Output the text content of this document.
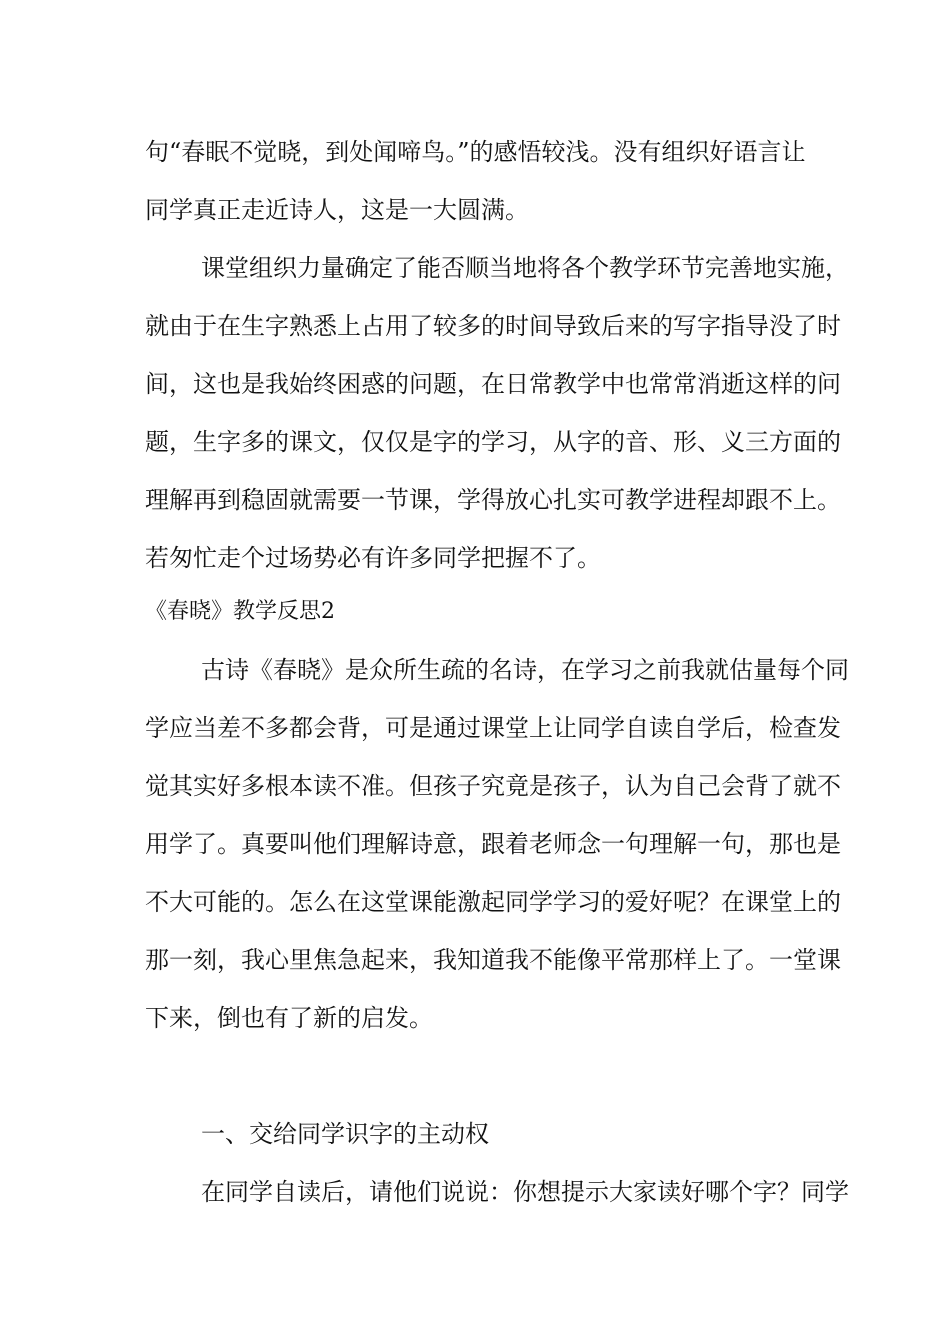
句“春眠不觉晓，到处闻啼鸟。”的感悟较浅。没有组织好语言让
同学真正走近诗人，这是一大圆满。
课堂组织力量确定了能否顺当地将各个教学环节完善地实施，
就由于在生字熟悉上占用了较多的时间导致后来的写字指导没了时
间，这也是我始终困惑的问题，在日常教学中也常常消逝这样的问
题，生字多的课文，仅仅是字的学习，从字的音、形、义三方面的
理解再到稳固就需要一节课，学得放心扎实可教学进程却跟不上。
若匆忙走个过场势必有许多同学把握不了。
《春晓》教学反思2
古诗《春晓》是众所生疏的名诗，在学习之前我就估量每个同
学应当差不多都会背，可是通过课堂上让同学自读自学后，检查发
觉其实好多根本读不准。但孩子究竟是孩子，认为自己会背了就不
用学了。真要叫他们理解诗意，跟着老师念一句理解一句，那也是
不大可能的。怎么在这堂课能激起同学学习的爱好呢？在课堂上的
那一刻，我心里焦急起来，我知道我不能像平常那样上了。一堂课
下来，倒也有了新的启发。
一、交给同学识字的主动权
在同学自读后，请他们说说：你想提示大家读好哪个字？同学
